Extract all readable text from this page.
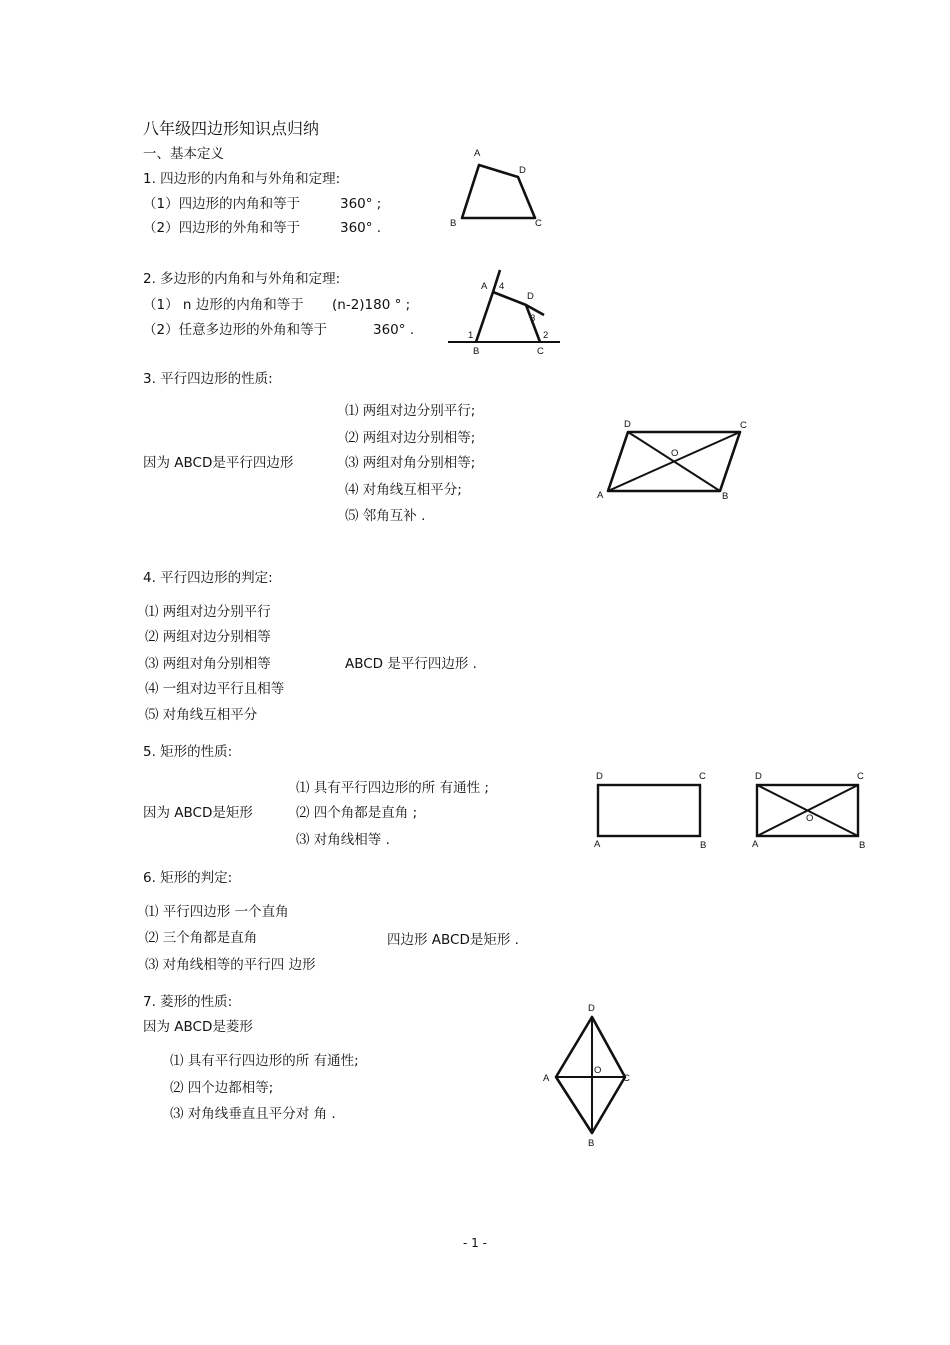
八年级四边形知识点归纳
一、基本定义
1. 四边形的内角和与外角和定理:
（1）四边形的内角和等于	360° ;
（2）四边形的外角和等于	360° .
A
D
B	C
2. 多边形的内角和与外角和定理:
（1） n 边形的内角和等于 (n-2)180 ° ;
（2）任意多边形的外角和等于	360° .
A 4
D
3
1	2
B	C
3. 平行四边形的性质:
因为 ABCD是平行四边形
⑴ 两组对边分别平行;
⑵ 两组对边分别相等;
⑶ 两组对角分别相等;
⑷ 对角线互相平分;
⑸ 邻角互补 .
D	C
O
A	B
4. 平行四边形的判定:
⑴ 两组对边分别平行
⑵ 两组对边分别相等
⑶ 两组对角分别相等
⑷ 一组对边平行且相等
⑸ 对角线互相平分
ABCD 是平行四边形 .
5. 矩形的性质:
因为 ABCD是矩形
⑴ 具有平行四边形的所 有通性 ;
⑵ 四个角都是直角 ;
⑶ 对角线相等 .
D	C
A	B
D	C
O
A	B
6. 矩形的判定:
⑴ 平行四边形 一个直角
⑵ 三个角都是直角
⑶ 对角线相等的平行四 边形
四边形 ABCD是矩形 .
7. 菱形的性质:
因为 ABCD是菱形
⑴ 具有平行四边形的所 有通性;
⑵ 四个边都相等;
⑶ 对角线垂直且平分对 角 .
D
A
O
C
B
- 1 -
